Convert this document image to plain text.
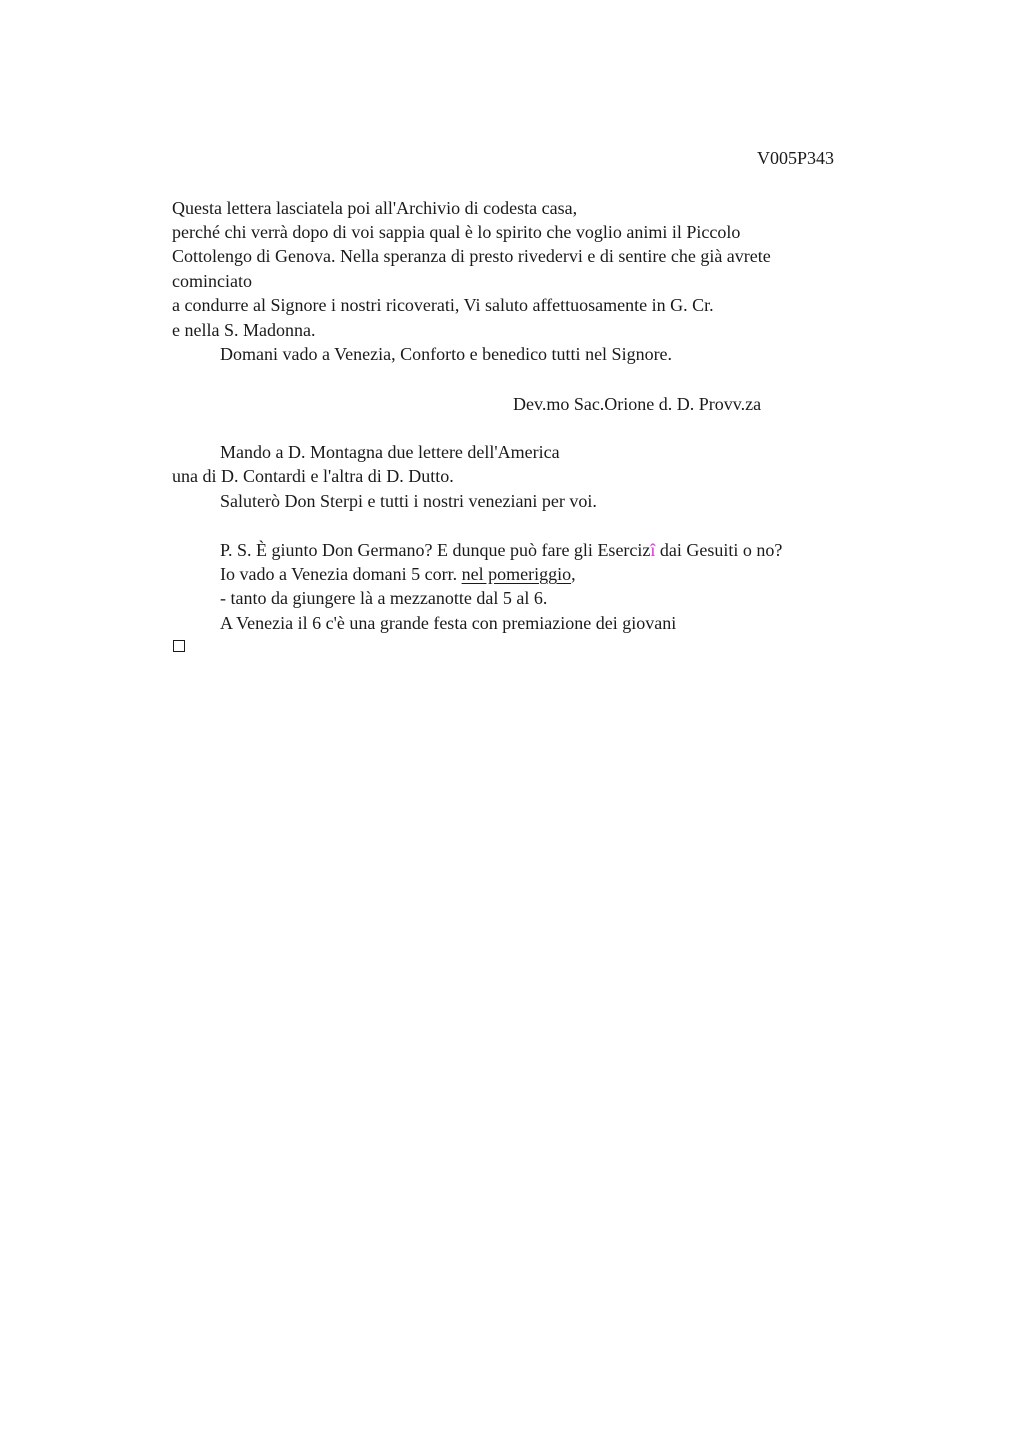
V005P343
Questa lettera lasciatela poi all'Archivio di codesta casa,
perché chi verrà dopo di voi sappia qual è lo spirito che voglio animi il Piccolo
Cottolengo di Genova. Nella speranza di presto rivedervi e di sentire che già avrete
cominciato
a condurre al Signore i nostri ricoverati, Vi saluto affettuosamente in G. Cr.
e nella S. Madonna.
Domani vado a Venezia, Conforto e benedico tutti nel Signore.
Dev.mo Sac.Orione d. D. Provv.za
Mando a D. Montagna due lettere dell'America
una di D. Contardi e l'altra di D. Dutto.
Saluterò Don Sterpi e tutti i nostri veneziani per voi.
P. S. È giunto Don Germano? E dunque può fare gli Esercizî dai Gesuiti o no?
Io vado a Venezia domani 5 corr. nel pomeriggio,
- tanto da giungere là a mezzanotte dal 5 al 6.
A Venezia il 6 c'è una grande festa con premiazione dei giovani
